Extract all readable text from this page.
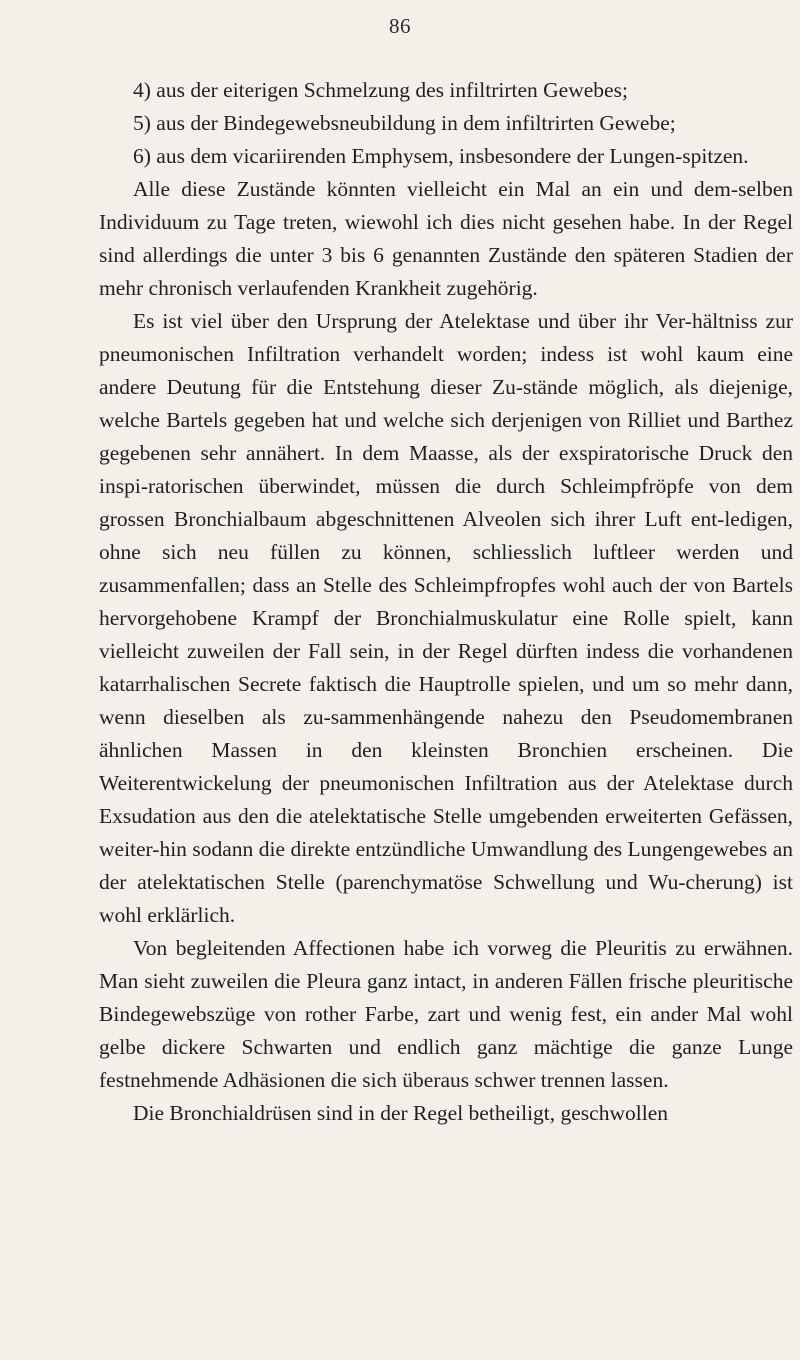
86
4) aus der eiterigen Schmelzung des infiltrirten Gewebes;
5) aus der Bindegewebsneubildung in dem infiltrirten Gewebe;

6) aus dem vicariirenden Emphysem, insbesondere der Lungen-spitzen.

Alle diese Zustände könnten vielleicht ein Mal an ein und dem-selben Individuum zu Tage treten, wiewohl ich dies nicht gesehen habe. In der Regel sind allerdings die unter 3 bis 6 genannten Zustände den späteren Stadien der mehr chronisch verlaufenden Krankheit zugehörig.

Es ist viel über den Ursprung der Atelektase und über ihr Ver-hältniss zur pneumonischen Infiltration verhandelt worden; indess ist wohl kaum eine andere Deutung für die Entstehung dieser Zu-stände möglich, als diejenige, welche Bartels gegeben hat und welche sich derjenigen von Rilliet und Barthez gegebenen sehr annähert. In dem Maasse, als der exspiratorische Druck den inspi-ratorischen überwindet, müssen die durch Schleimpfröpfe von dem grossen Bronchialbaum abgeschnittenen Alveolen sich ihrer Luft ent-ledigen, ohne sich neu füllen zu können, schliesslich luftleer werden und zusammenfallen; dass an Stelle des Schleimpfropfes wohl auch der von Bartels hervorgehobene Krampf der Bronchialmuskulatur eine Rolle spielt, kann vielleicht zuweilen der Fall sein, in der Regel dürften indess die vorhandenen katarrhalischen Secrete faktisch die Hauptrolle spielen, und um so mehr dann, wenn dieselben als zu-sammenhängende nahezu den Pseudomembranen ähnlichen Massen in den kleinsten Bronchien erscheinen. Die Weiterentwickelung der pneumonischen Infiltration aus der Atelektase durch Exsudation aus den die atelektatische Stelle umgebenden erweiterten Gefässen, weiter-hin sodann die direkte entzündliche Umwandlung des Lungengewebes an der atelektatischen Stelle (parenchymatöse Schwellung und Wu-cherung) ist wohl erklärlich.

Von begleitenden Affectionen habe ich vorweg die Pleuritis zu erwähnen. Man sieht zuweilen die Pleura ganz intact, in anderen Fällen frische pleuritische Bindegewebszüge von rother Farbe, zart und wenig fest, ein ander Mal wohl gelbe dickere Schwarten und endlich ganz mächtige die ganze Lunge festnehmende Adhäsionen die sich überaus schwer trennen lassen.

Die Bronchialdrüsen sind in der Regel betheiligt, geschwollen
